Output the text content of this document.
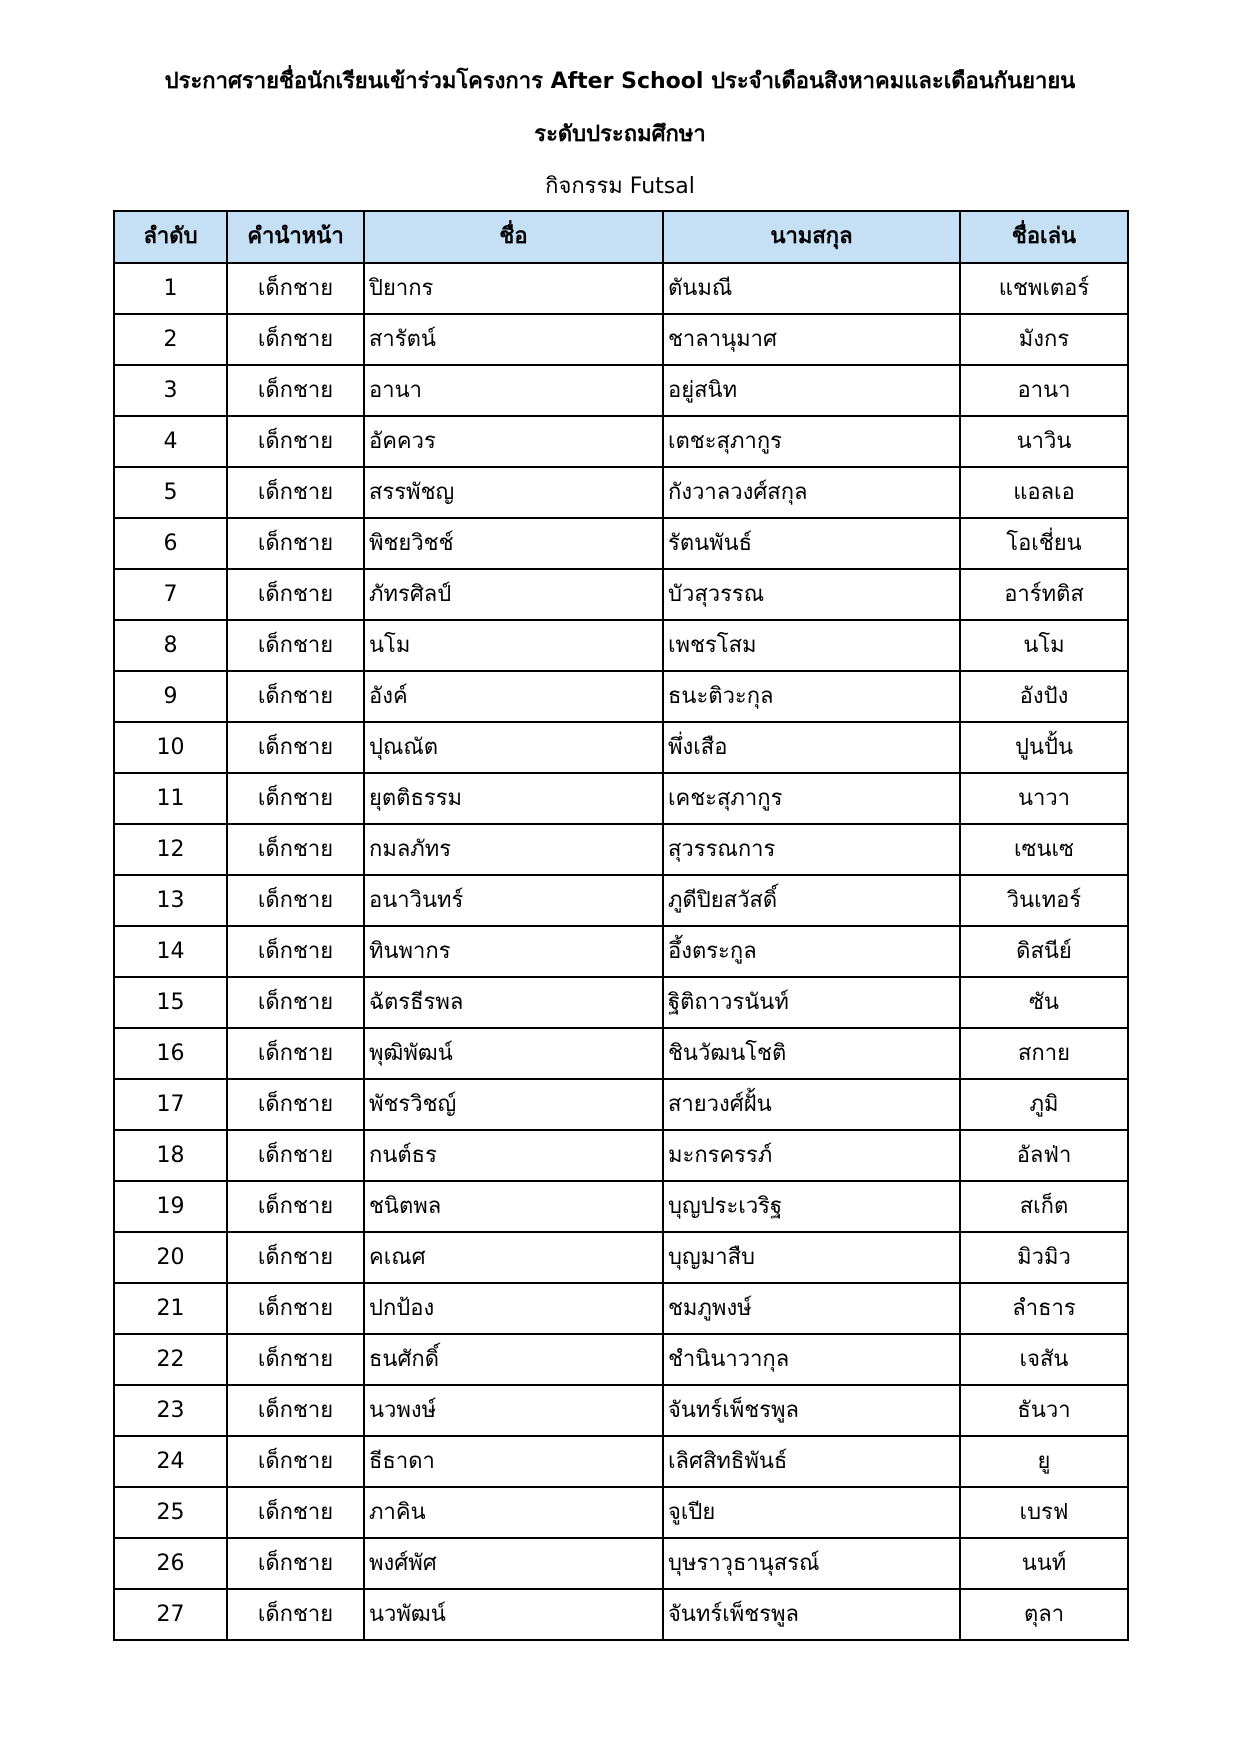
ประกาศรายชื่อนักเรียนเข้าร่วมโครงการ After School ประจำเดือนสิงหาคมและเดือนกันยายน
ระดับประถมศึกษา
กิจกรรม Futsal
ลำดับ	คำนำหน้า	ชื่อ	นามสกุล	ชื่อเล่น
1	เด็กชาย	ปิยากร	ตันมณี	แชพเตอร์
2	เด็กชาย	สารัตน์	ชาลานุมาศ	มังกร
3	เด็กชาย	อานา	อยู่สนิท	อานา
4	เด็กชาย	อัคควร	เตชะสุภากูร	นาวิน
5	เด็กชาย	สรรพัชญ	กังวาลวงศ์สกุล	แอลเอ
6	เด็กชาย	พิชยวิชช์	รัตนพันธ์	โอเชี่ยน
7	เด็กชาย	ภัทรศิลป์	บัวสุวรรณ	อาร์ทติส
8	เด็กชาย	นโม	เพชรโสม	นโม
9	เด็กชาย	อังค์	ธนะติวะกุล	อังปัง
10	เด็กชาย	ปุณณัต	พึ่งเสือ	ปูนปั้น
11	เด็กชาย	ยุตติธรรม	เคชะสุภากูร	นาวา
12	เด็กชาย	กมลภัทร	สุวรรณการ	เซนเซ
13	เด็กชาย	อนาวินทร์	ภูดีปิยสวัสดิ์	วินเทอร์
14	เด็กชาย	ทินพากร	อึ้งตระกูล	ดิสนีย์
15	เด็กชาย	ฉัตรธีรพล	ฐิติถาวรนันท์	ซัน
16	เด็กชาย	พุฒิพัฒน์	ชินวัฒนโชติ	สกาย
17	เด็กชาย	พัชรวิชญ์	สายวงศ์ฝั้น	ภูมิ
18	เด็กชาย	กนต์ธร	มะกรครรภ์	อัลฟ่า
19	เด็กชาย	ชนิตพล	บุญประเวริฐ	สเก็ต
20	เด็กชาย	คเณศ	บุญมาสืบ	มิวมิว
21	เด็กชาย	ปกป้อง	ชมภูพงษ์	ลำธาร
22	เด็กชาย	ธนศักดิ์	ชำนินาวากุล	เจสัน
23	เด็กชาย	นวพงษ์	จันทร์เพ็ชรพูล	ธันวา
24	เด็กชาย	ธีธาดา	เลิศสิทธิพันธ์	ยู
25	เด็กชาย	ภาคิน	จูเปีย	เบรฟ
26	เด็กชาย	พงศ์พัศ	บุษราวุธานุสรณ์	นนท์
27	เด็กชาย	นวพัฒน์	จันทร์เพ็ชรพูล	ตุลา
